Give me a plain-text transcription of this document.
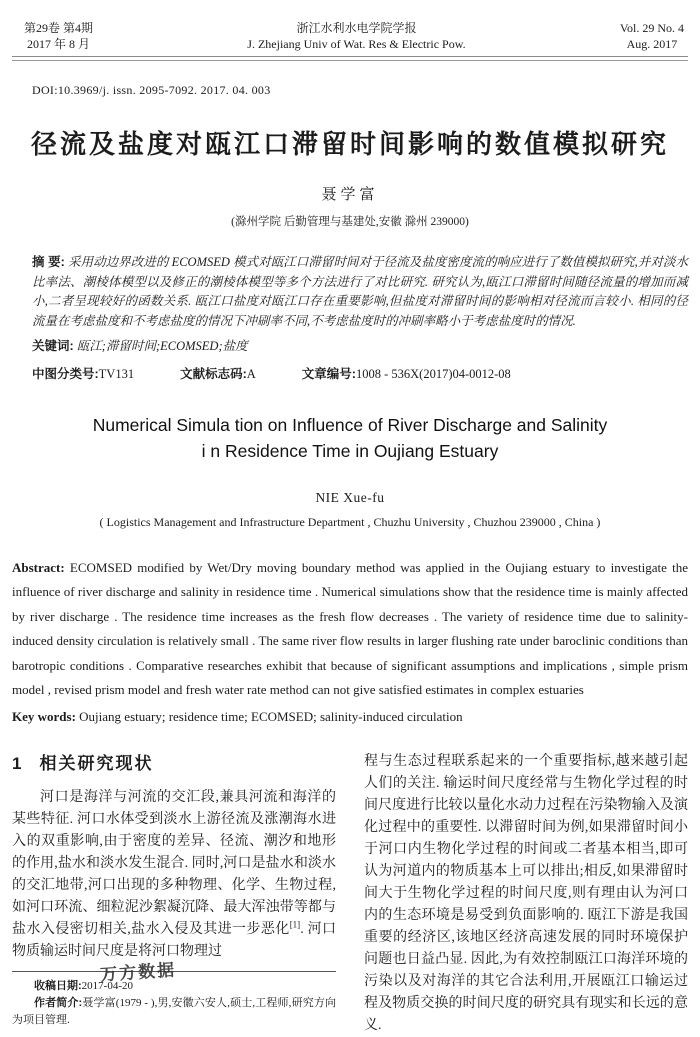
第29卷 第4期
2017 年 8 月
浙江水利水电学院学报
J. Zhejiang Univ of Wat. Res & Electric Pow.
Vol. 29 No. 4
Aug. 2017
DOI:10.3969/j. issn. 2095-7092. 2017. 04. 003
径流及盐度对瓯江口滞留时间影响的数值模拟研究
聂学富
(滁州学院 后勤管理与基建处,安徽 滁州 239000)
摘 要: 采用动边界改进的 ECOMSED 模式对瓯江口滞留时间对于径流及盐度密度流的响应进行了数值模拟研究,并对淡水比率法、潮棱体模型以及修正的潮棱体模型等多个方法进行了对比研究. 研究认为,瓯江口滞留时间随径流量的增加而减小,二者呈现较好的函数关系. 瓯江口盐度对瓯江口存在重要影响,但盐度对滞留时间的影响相对径流而言较小. 相同的径流量在考虑盐度和不考虑盐度的情况下冲刷率不同,不考虑盐度时的冲刷率略小于考虑盐度时的情况.
关键词: 瓯江;滞留时间;ECOMSED;盐度
中图分类号:TV131	文献标志码:A	文章编号:1008 - 536X(2017)04-0012-08
Numerical Simula tion on Influence of River Discharge and Salinity
i n Residence Time in Oujiang Estuary
NIE Xue-fu
( Logistics Management and Infrastructure Department , Chuzhu University , Chuzhou 239000 , China )
Abstract: ECOMSED modified by Wet/Dry moving boundary method was applied in the Oujiang estuary to investigate the influence of river discharge and salinity in residence time . Numerical simulations show that the residence time is mainly affected by river discharge . The residence time increases as the fresh flow decreases . The variety of residence time due to salinity-induced density circulation is relatively small . The same river flow results in larger flushing rate under baroclinic conditions than barotropic conditions . Comparative researches exhibit that because of significant assumptions and implications , simple prism model , revised prism model and fresh water rate method can not give satisfied estimates in complex estuaries
Key words: Oujiang estuary; residence time; ECOMSED; salinity-induced circulation
1 相关研究现状
河口是海洋与河流的交汇段,兼具河流和海洋的某些特征. 河口水体受到淡水上游径流及涨潮海水进入的双重影响,由于密度的差异、径流、潮汐和地形的作用,盐水和淡水发生混合. 同时,河口是盐水和淡水的交汇地带,河口出现的多种物理、化学、生物过程,如河口环流、细粒泥沙絮凝沉降、最大浑浊带等都与盐水入侵密切相关,盐水入侵及其进一步恶化[1]. 河口物质输运时间尺度是将河口物理过
收稿日期:2017-04-20
作者简介:聂学富(1979 - ),男,安徽六安人,硕士,工程师,研究方向为项目管理.
程与生态过程联系起来的一个重要指标,越来越引起人们的关注. 输运时间尺度经常与生物化学过程的时间尺度进行比较以量化水动力过程在污染物输入及演化过程中的重要性. 以滞留时间为例,如果滞留时间小于河口内生物化学过程的时间或二者基本相当,即可认为河道内的物质基本上可以排出;相反,如果滞留时间大于生物化学过程的时间尺度,则有理由认为河口内的生态环境是易受到负面影响的. 瓯江下游是我国重要的经济区,该地区经济高速发展的同时环境保护问题也日益凸显. 因此,为有效控制瓯江口海洋环境的污染以及对海洋的其它合法利用,开展瓯江口输运过程及物质交换的时间尺度的研究具有现实和长远的意义.
万方数据
